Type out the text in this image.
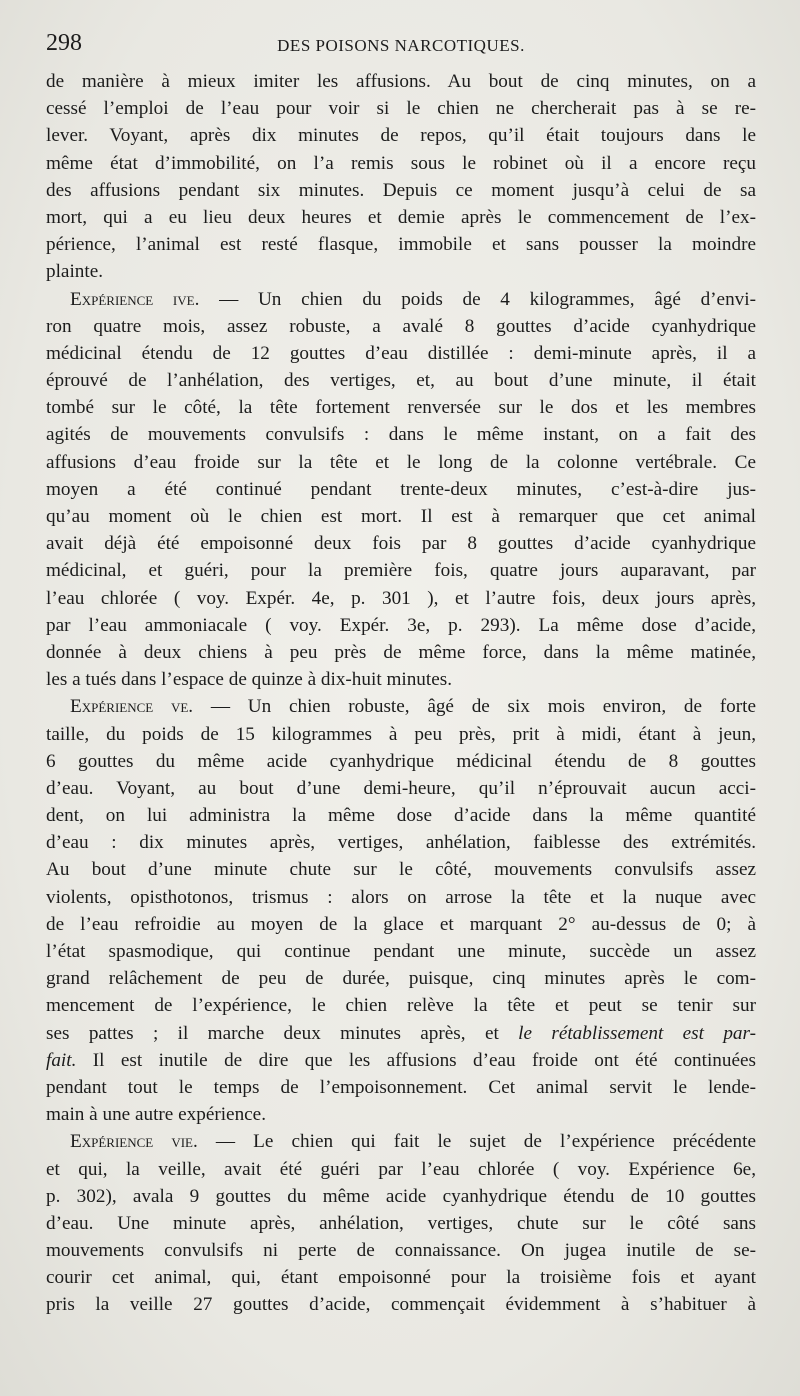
298	DES POISONS NARCOTIQUES.
de manière à mieux imiter les affusions. Au bout de cinq minutes, on a
cessé l’emploi de l’eau pour voir si le chien ne chercherait pas à se re-
lever. Voyant, après dix minutes de repos, qu’il était toujours dans le
même état d’immobilité, on l’a remis sous le robinet où il a encore reçu
des affusions pendant six minutes. Depuis ce moment jusqu’à celui de sa
mort, qui a eu lieu deux heures et demie après le commencement de l’ex-
périence, l’animal est resté flasque, immobile et sans pousser la moindre
plainte.
Expérience ive. — Un chien du poids de 4 kilogrammes, âgé d’envi-
ron quatre mois, assez robuste, a avalé 8 gouttes d’acide cyanhydrique
médicinal étendu de 12 gouttes d’eau distillée : demi-minute après, il a
éprouvé de l’anhélation, des vertiges, et, au bout d’une minute, il était
tombé sur le côté, la tête fortement renversée sur le dos et les membres
agités de mouvements convulsifs : dans le même instant, on a fait des
affusions d’eau froide sur la tête et le long de la colonne vertébrale. Ce
moyen a été continué pendant trente-deux minutes, c’est-à-dire jus-
qu’au moment où le chien est mort. Il est à remarquer que cet animal
avait déjà été empoisonné deux fois par 8 gouttes d’acide cyanhydrique
médicinal, et guéri, pour la première fois, quatre jours auparavant, par
l’eau chlorée ( voy. Expér. 4e, p. 301 ), et l’autre fois, deux jours après,
par l’eau ammoniacale ( voy. Expér. 3e, p. 293). La même dose d’acide,
donnée à deux chiens à peu près de même force, dans la même matinée,
les a tués dans l’espace de quinze à dix-huit minutes.
Expérience ve. — Un chien robuste, âgé de six mois environ, de forte
taille, du poids de 15 kilogrammes à peu près, prit à midi, étant à jeun,
6 gouttes du même acide cyanhydrique médicinal étendu de 8 gouttes
d’eau. Voyant, au bout d’une demi-heure, qu’il n’éprouvait aucun acci-
dent, on lui administra la même dose d’acide dans la même quantité
d’eau : dix minutes après, vertiges, anhélation, faiblesse des extrémités.
Au bout d’une minute chute sur le côté, mouvements convulsifs assez
violents, opisthotonos, trismus : alors on arrose la tête et la nuque avec
de l’eau refroidie au moyen de la glace et marquant 2° au-dessus de 0; à
l’état spasmodique, qui continue pendant une minute, succède un assez
grand relâchement de peu de durée, puisque, cinq minutes après le com-
mencement de l’expérience, le chien relève la tête et peut se tenir sur
ses pattes ; il marche deux minutes après, et le rétablissement est par-
fait. Il est inutile de dire que les affusions d’eau froide ont été continuées
pendant tout le temps de l’empoisonnement. Cet animal servit le lende-
main à une autre expérience.
Expérience vie. — Le chien qui fait le sujet de l’expérience précédente
et qui, la veille, avait été guéri par l’eau chlorée ( voy. Expérience 6e,
p. 302), avala 9 gouttes du même acide cyanhydrique étendu de 10 gouttes
d’eau. Une minute après, anhélation, vertiges, chute sur le côté sans
mouvements convulsifs ni perte de connaissance. On jugea inutile de se-
courir cet animal, qui, étant empoisonné pour la troisième fois et ayant
pris la veille 27 gouttes d’acide, commençait évidemment à s’habituer à
